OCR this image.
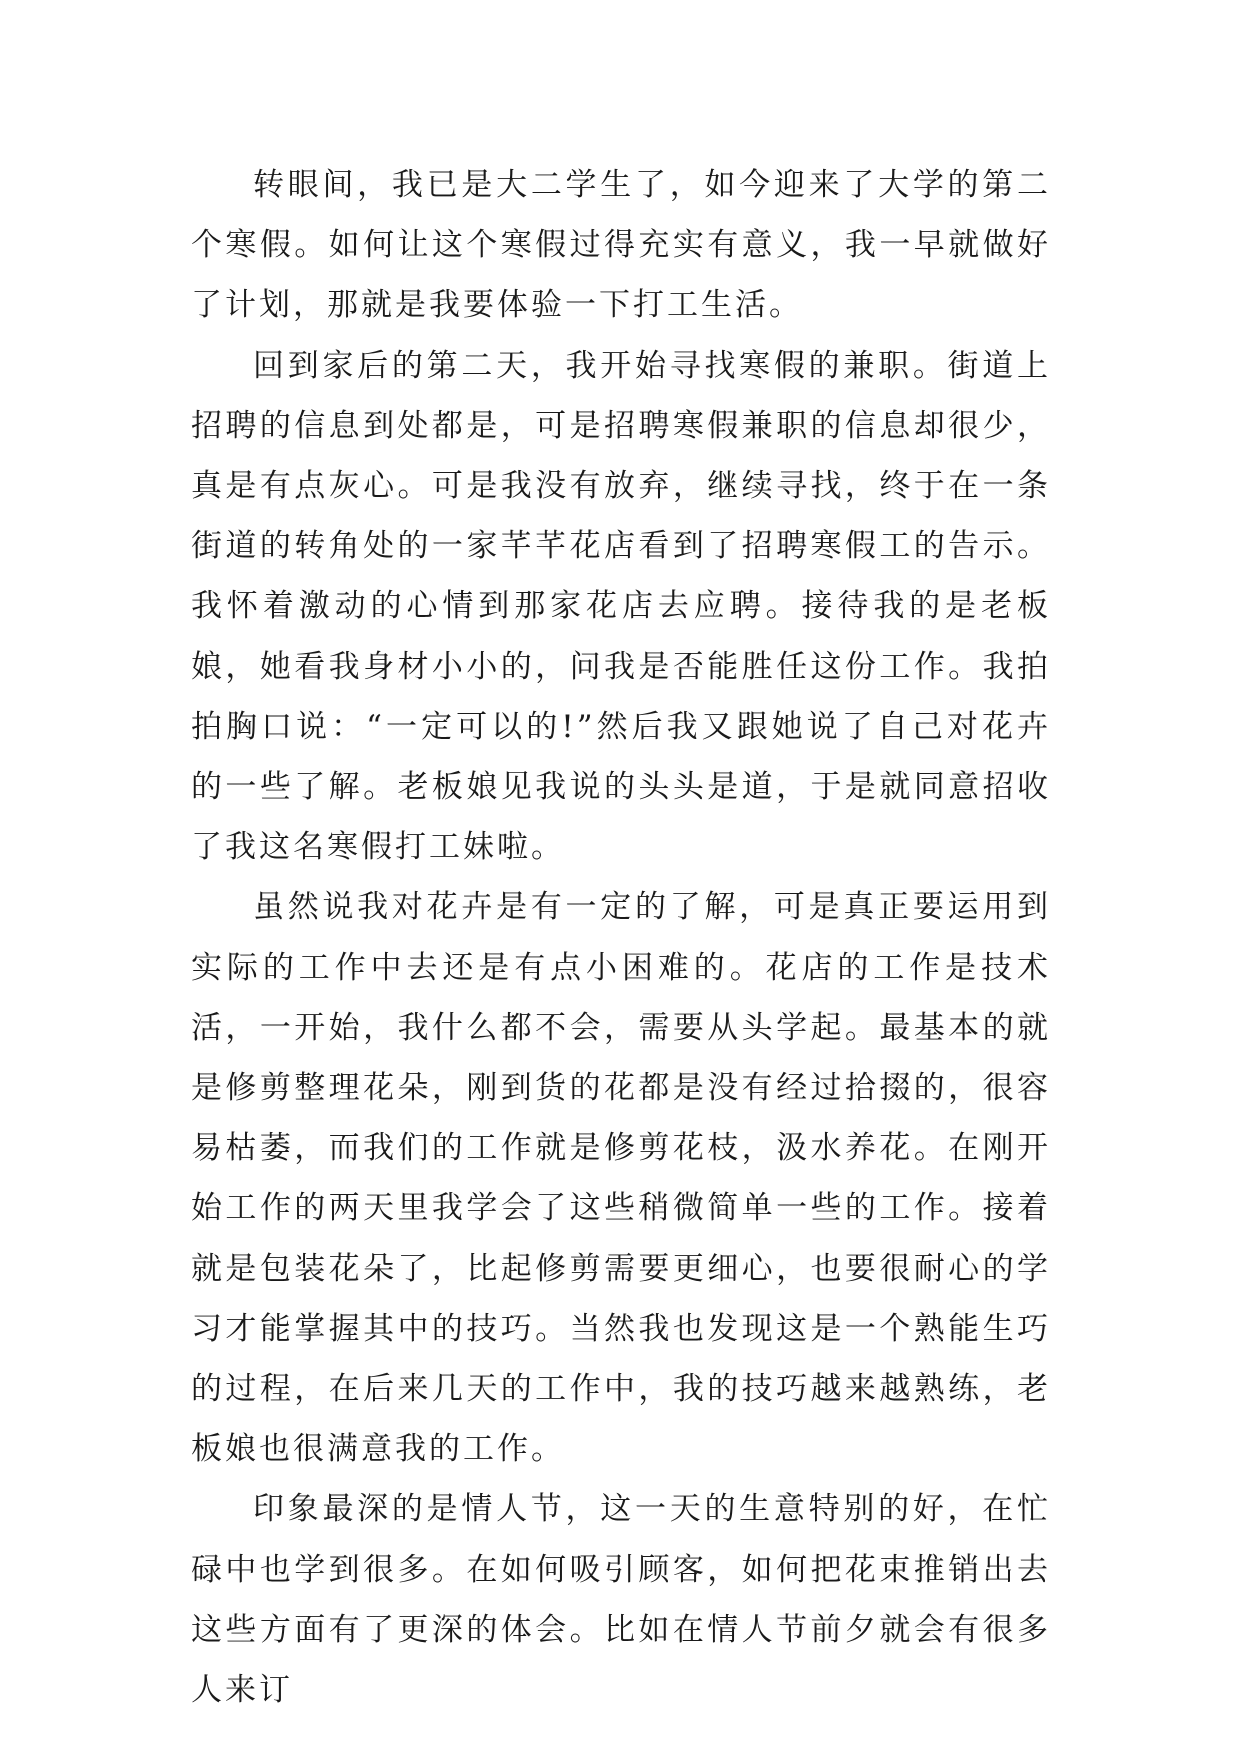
转眼间，我已是大二学生了，如今迎来了大学的第二个寒假。如何让这个寒假过得充实有意义，我一早就做好了计划，那就是我要体验一下打工生活。

回到家后的第二天，我开始寻找寒假的兼职。街道上招聘的信息到处都是，可是招聘寒假兼职的信息却很少，真是有点灰心。可是我没有放弃，继续寻找，终于在一条街道的转角处的一家芊芊花店看到了招聘寒假工的告示。我怀着激动的心情到那家花店去应聘。接待我的是老板娘，她看我身材小小的，问我是否能胜任这份工作。我拍拍胸口说：“一定可以的!”然后我又跟她说了自己对花卉的一些了解。老板娘见我说的头头是道，于是就同意招收了我这名寒假打工妹啦。

虽然说我对花卉是有一定的了解，可是真正要运用到实际的工作中去还是有点小困难的。花店的工作是技术活，一开始，我什么都不会，需要从头学起。最基本的就是修剪整理花朵，刚到货的花都是没有经过拾掇的，很容易枯萎，而我们的工作就是修剪花枝，汲水养花。在刚开始工作的两天里我学会了这些稍微简单一些的工作。接着就是包装花朵了，比起修剪需要更细心，也要很耐心的学习才能掌握其中的技巧。当然我也发现这是一个熟能生巧的过程，在后来几天的工作中，我的技巧越来越熟练，老板娘也很满意我的工作。

印象最深的是情人节，这一天的生意特别的好，在忙碌中也学到很多。在如何吸引顾客，如何把花束推销出去这些方面有了更深的体会。比如在情人节前夕就会有很多人来订
